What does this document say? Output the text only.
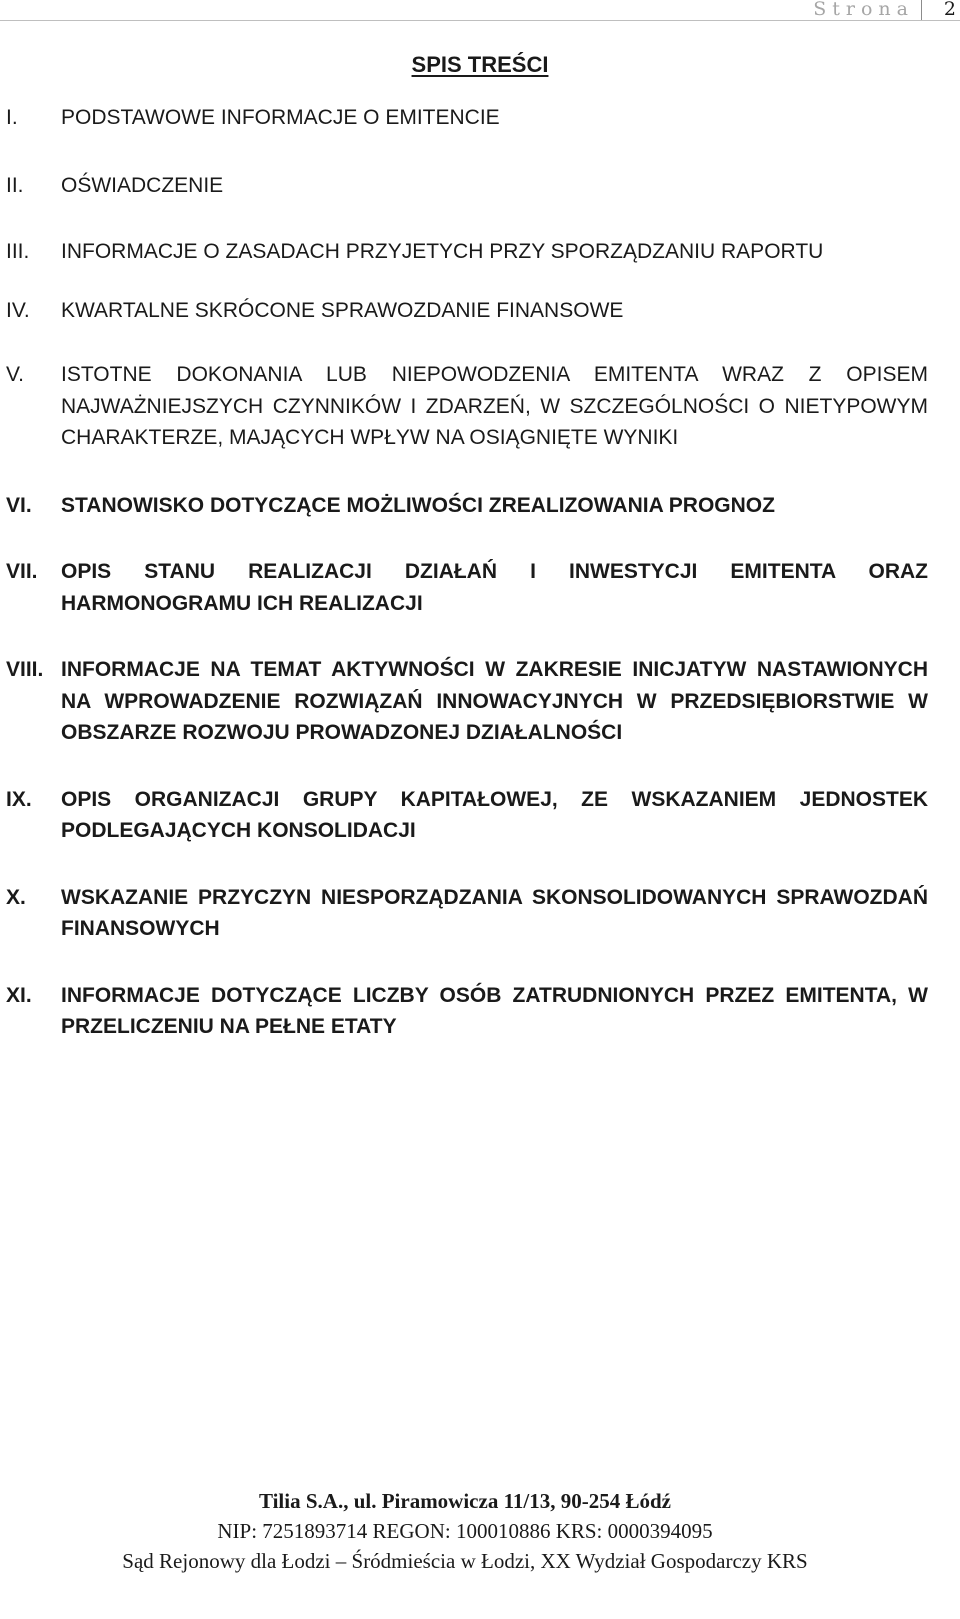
Strona 2
SPIS TREŚCI
I.	PODSTAWOWE INFORMACJE O EMITENCIE
II.	OŚWIADCZENIE
III.	INFORMACJE O ZASADACH PRZYJETYCH PRZY SPORZĄDZANIU RAPORTU
IV.	KWARTALNE SKRÓCONE SPRAWOZDANIE FINANSOWE
V.	ISTOTNE DOKONANIA LUB NIEPOWODZENIA EMITENTA WRAZ Z OPISEM NAJWAŻNIEJSZYCH CZYNNIKÓW I ZDARZEŃ, W SZCZEGÓLNOŚCI O NIETYPOWYM CHARAKTERZE, MAJĄCYCH WPŁYW NA OSIĄGNIĘTE WYNIKI
VI.	STANOWISKO DOTYCZĄCE MOŻLIWOŚCI ZREALIZOWANIA PROGNOZ
VII.	OPIS STANU REALIZACJI DZIAŁAŃ I INWESTYCJI EMITENTA ORAZ HARMONOGRAMU ICH REALIZACJI
VIII. INFORMACJE NA TEMAT AKTYWNOŚCI W ZAKRESIE INICJATYW NASTAWIONYCH NA WPROWADZENIE ROZWIĄZAŃ INNOWACYJNYCH W PRZEDSIĘBIORSTWIE W OBSZARZE ROZWOJU PROWADZONEJ DZIAŁALNOŚCI
IX.	OPIS ORGANIZACJI GRUPY KAPITAŁOWEJ, ZE WSKAZANIEM JEDNOSTEK PODLEGAJĄCYCH KONSOLIDACJI
X.	WSKAZANIE PRZYCZYN NIESPORZĄDZANIA SKONSOLIDOWANYCH SPRAWOZDAŃ FINANSOWYCH
XI.	INFORMACJE DOTYCZĄCE LICZBY OSÓB ZATRUDNIONYCH PRZEZ EMITENTA, W PRZELICZENIU NA PEŁNE ETATY
Tilia S.A., ul. Piramowicza 11/13, 90-254 Łódź
NIP: 7251893714 REGON: 100010886 KRS: 0000394095
Sąd Rejonowy dla Łodzi – Śródmieścia w Łodzi, XX Wydział Gospodarczy KRS
